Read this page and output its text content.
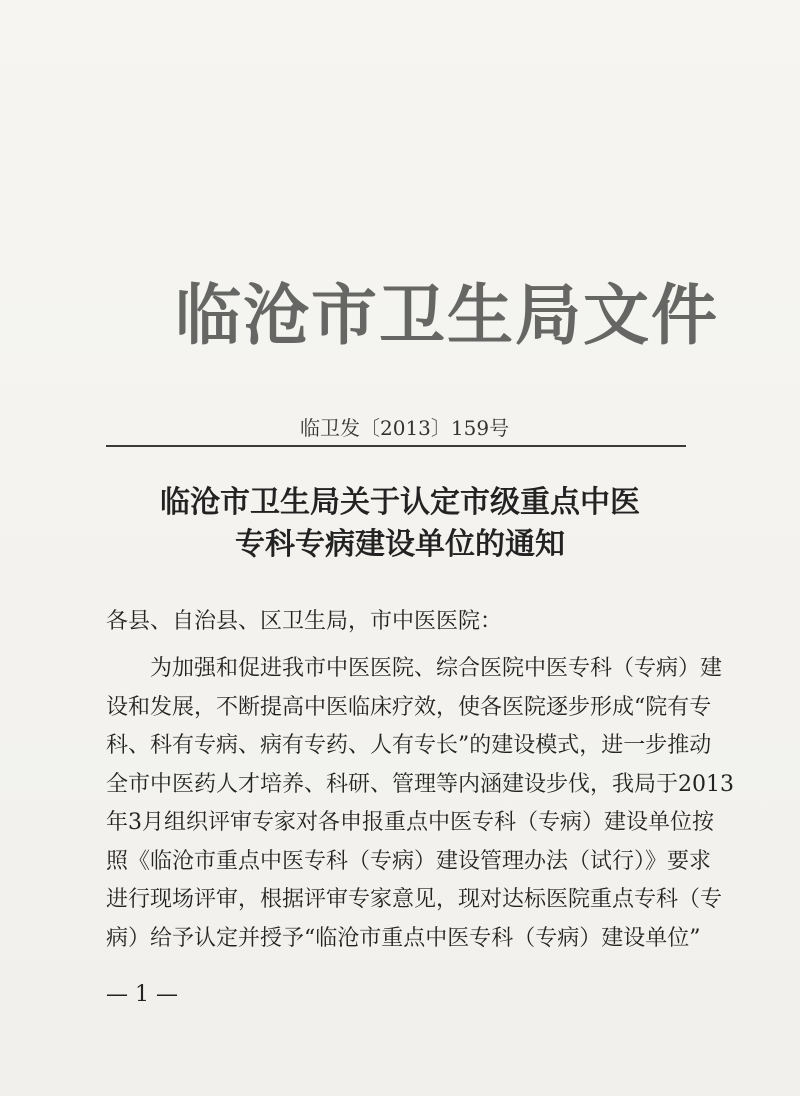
临沧市卫生局文件
临卫发〔2013〕159号
临沧市卫生局关于认定市级重点中医
专科专病建设单位的通知
各县、自治县、区卫生局，市中医医院：
为加强和促进我市中医医院、综合医院中医专科（专病）建
设和发展，不断提高中医临床疗效，使各医院逐步形成“院有专
科、科有专病、病有专药、人有专长”的建设模式，进一步推动
全市中医药人才培养、科研、管理等内涵建设步伐，我局于2013
年3月组织评审专家对各申报重点中医专科（专病）建设单位按
照《临沧市重点中医专科（专病）建设管理办法（试行）》要求
进行现场评审，根据评审专家意见，现对达标医院重点专科（专
病）给予认定并授予“临沧市重点中医专科（专病）建设单位”
— 1 —
